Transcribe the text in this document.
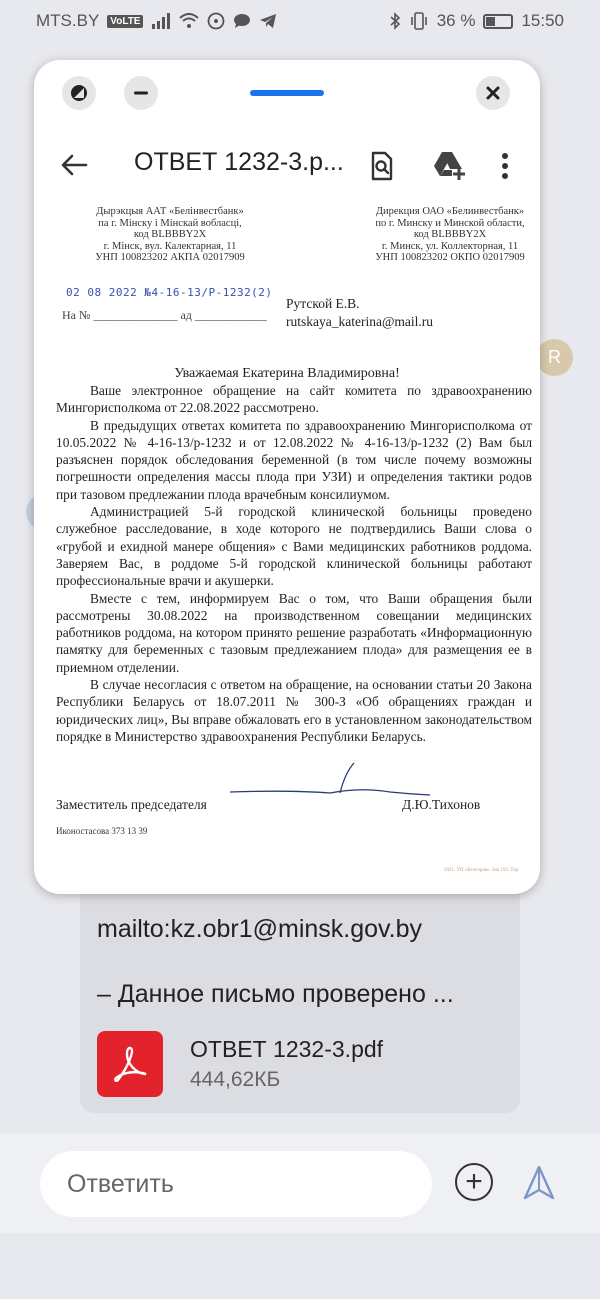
MTS.BY	VoLTE	36 %	15:50
R
mailto:kz.obr1@minsk.gov.by
– Данное письмо проверено ...
ОТВЕТ 1232-3.pdf
444,62КБ
Ответить	+
ОТВЕТ 1232-3.p...
Дырэкцыя ААТ «Белінвестбанк»
па г. Мінску і Мінскай вобласці,
код BLBBBY2X
г. Мінск, вул. Калектарная, 11
УНП 100823202 АКПА 02017909
Дирекция ОАО «Белинвестбанк»
по г. Минску и Минской области,
код BLBBBY2X
г. Минск, ул. Коллекторная, 11
УНП 100823202 ОКПО 02017909
02 08 2022 №4-16-13/Р-1232(2)
На № ______________ ад ____________
Рутской Е.В.
rutskaya_katerina@mail.ru
Уважаемая Екатерина Владимировна!

Ваше электронное обращение на сайт комитета по здравоохранению Мингорисполкома от 22.08.2022 рассмотрено.

В предыдущих ответах комитета по здравоохранению Мингорисполкома от 10.05.2022 № 4-16-13/р-1232 и от 12.08.2022 № 4-16-13/р-1232 (2) Вам был разъяснен порядок обследования беременной (в том числе почему возможны погрешности определения массы плода при УЗИ) и определения тактики родов при тазовом предлежании плода врачебным консилиумом.

Администрацией 5-й городской клинической больницы проведено служебное расследование, в ходе которого не подтвердились Ваши слова о «грубой и ехидной манере общения» с Вами медицинских работников роддома. Заверяем Вас, в роддоме 5-й городской клинической больницы работают профессиональные врачи и акушерки.

Вместе с тем, информируем Вас о том, что Ваши обращения были рассмотрены 30.08.2022 на производственном совещании медицинских работников роддома, на котором принято решение разработать «Информационную памятку для беременных с тазовым предлежанием плода» для размещения ее в приемном отделении.

В случае несогласия с ответом на обращение, на основании статьи 20 Закона Республики Беларусь от 18.07.2011 № 300-З «Об обращениях граждан и юридических лиц», Вы вправе обжаловать его в установленном законодательством порядке в Министерство здравоохранения Республики Беларусь.

Заместитель председателя	Д.Ю.Тихонов
Иконостасова 373 13 39
2021. УП «Белсправ». Зак 193. Тир
